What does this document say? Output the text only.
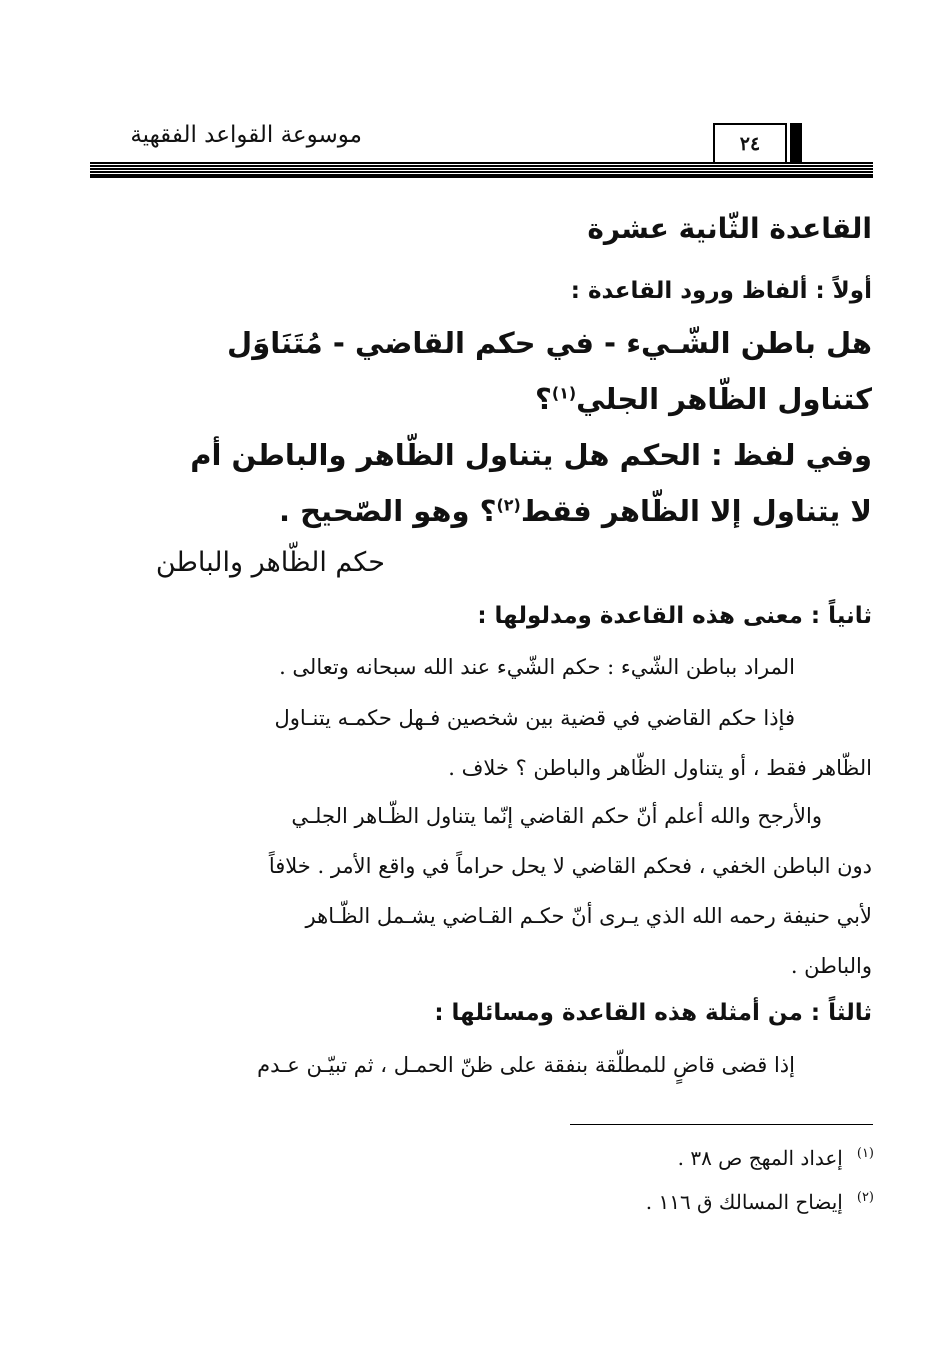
موسوعة القواعد الفقهية	٢٤
القاعدة الثّانية عشرة
أولاً : ألفاظ ورود القاعدة :
هل باطن الشّـيء - في حكم القاضي - مُتَنَاوَل
كتناول الظّاهر الجلي$^{(١)}$؟
وفي لفظ : الحكم هل يتناول الظّاهر والباطن أم
لا يتناول إلا الظّاهر فقط$^{(٢)}$؟ وهو الصّحيح .
حكم الظّاهر والباطن
ثانياً : معنى هذه القاعدة ومدلولها :
المراد بباطن الشّيء : حكم الشّيء عند الله سبحانه وتعالى .
فإذا حكم القاضي في قضية بين شخصين فـهل حكمـه يتنـاول
الظّاهر فقط ، أو يتناول الظّاهر والباطن ؟ خلاف .
والأرجح والله أعلم أنّ حكم القاضي إنّما يتناول الظّـاهر الجلـي
دون الباطن الخفي ، فحكم القاضي لا يحل حراماً في واقع الأمر . خلافاً
لأبي حنيفة رحمه الله الذي يـرى أنّ حكـم القـاضي يشـمل الظّـاهر
والباطن .
ثالثاً : من أمثلة هذه القاعدة ومسائلها :
إذا قضى قاضٍ للمطلّقة بنفقة على ظنّ الحمـل ، ثم تبيّـن عـدم
$^{(١)}$إعداد المهج ص ٣٨ .
$^{(٢)}$إيضاح المسالك ق ١١٦ .
